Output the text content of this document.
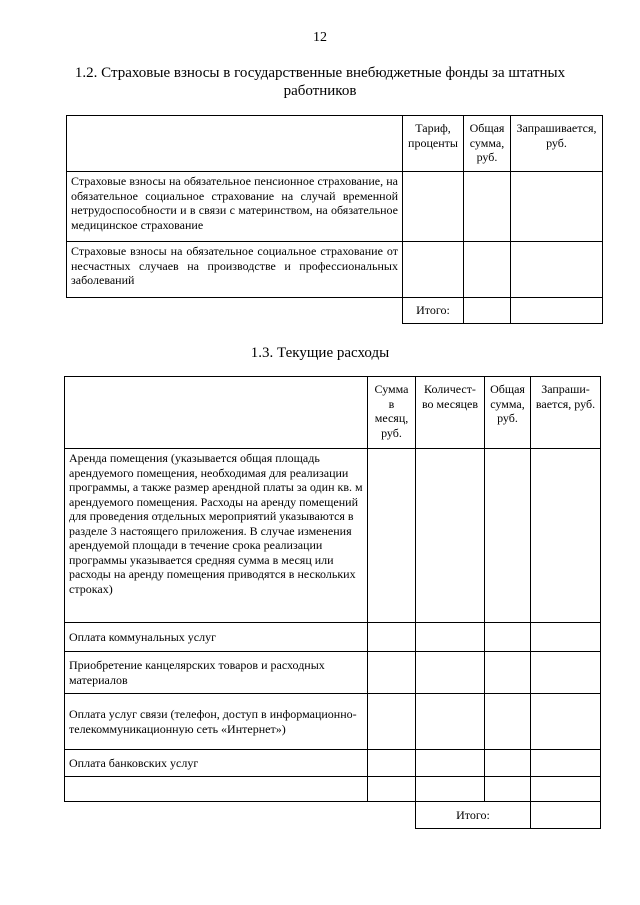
12
1.2. Страховые взносы в государственные внебюджетные фонды за штатных
работников
	Тариф, проценты	Общая сумма, руб.	Запрашивается, руб.
Страховые взносы на обязательное пенсионное страхование, на обязательное социальное страхование на случай временной нетрудоспособности и в связи с материнством, на обязательное медицинское страхование			
Страховые взносы на обязательное социальное страхование от несчастных случаев на производстве и профессиональных заболеваний			
	Итого:		
1.3. Текущие расходы
	Сумма в месяц, руб.	Количест-во месяцев	Общая сумма, руб.	Запраши-вается, руб.
Аренда помещения (указывается общая площадь арендуемого помещения, необходимая для реализации программы, а также размер арендной платы за один кв. м арендуемого помещения. Расходы на аренду помещений для проведения отдельных мероприятий указываются в разделе 3 настоящего приложения. В случае изменения арендуемой площади в течение срока реализации программы указывается средняя сумма в месяц или расходы на аренду помещения приводятся в нескольких строках)				
Оплата коммунальных услуг				
Приобретение канцелярских товаров и расходных материалов				
Оплата услуг связи (телефон, доступ в информационно-телекоммуникационную сеть «Интернет»)				
Оплата банковских услуг				

		Итого:		
